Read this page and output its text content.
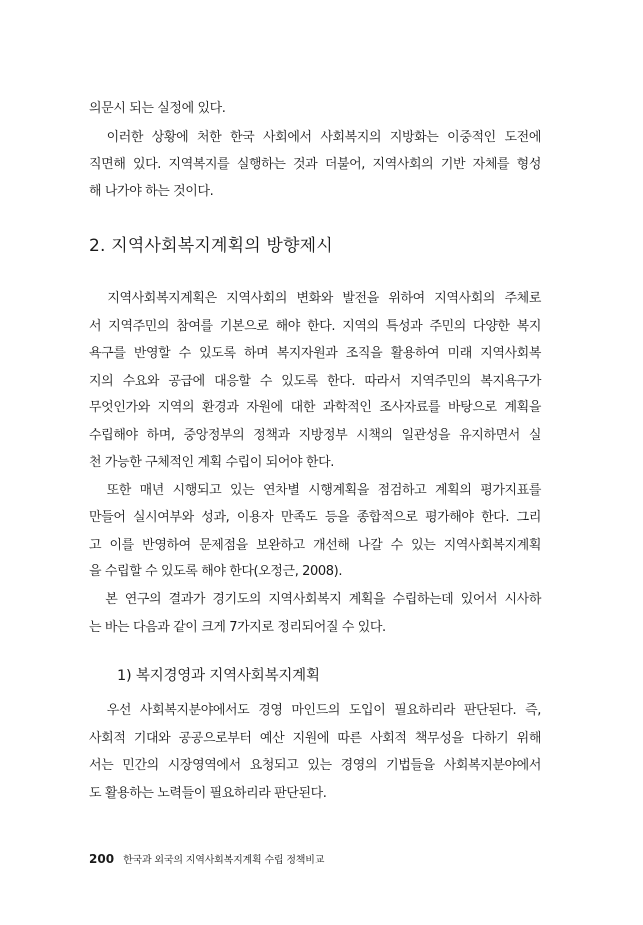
의문시 되는 실정에 있다.
　이러한 상황에 처한 한국 사회에서 사회복지의 지방화는 이중적인 도전에
직면해 있다. 지역복지를 실행하는 것과 더불어, 지역사회의 기반 자체를 형성
해 나가야 하는 것이다.
2. 지역사회복지계획의 방향제시
　지역사회복지계획은 지역사회의 변화와 발전을 위하여 지역사회의 주체로
서 지역주민의 참여를 기본으로 해야 한다. 지역의 특성과 주민의 다양한 복지
욕구를 반영할 수 있도록 하며 복지자원과 조직을 활용하여 미래 지역사회복
지의 수요와 공급에 대응할 수 있도록 한다. 따라서 지역주민의 복지욕구가
무엇인가와 지역의 환경과 자원에 대한 과학적인 조사자료를 바탕으로 계획을
수립해야 하며, 중앙정부의 정책과 지방정부 시책의 일관성을 유지하면서 실
천 가능한 구체적인 계획 수립이 되어야 한다.
　또한 매년 시행되고 있는 연차별 시행계획을 점검하고 계획의 평가지표를
만들어 실시여부와 성과, 이용자 만족도 등을 종합적으로 평가해야 한다. 그리
고 이를 반영하여 문제점을 보완하고 개선해 나갈 수 있는 지역사회복지계획
을 수립할 수 있도록 해야 한다(오정근, 2008).
　본 연구의 결과가 경기도의 지역사회복지 계획을 수립하는데 있어서 시사하
는 바는 다음과 같이 크게 7가지로 정리되어질 수 있다.
1) 복지경영과 지역사회복지계획
　우선 사회복지분야에서도 경영 마인드의 도입이 필요하리라 판단된다. 즉,
사회적 기대와 공공으로부터 예산 지원에 따른 사회적 책무성을 다하기 위해
서는 민간의 시장영역에서 요청되고 있는 경영의 기법들을 사회복지분야에서
도 활용하는 노력들이 필요하리라 판단된다.
200 한국과 외국의 지역사회복지계획 수립 정책비교
